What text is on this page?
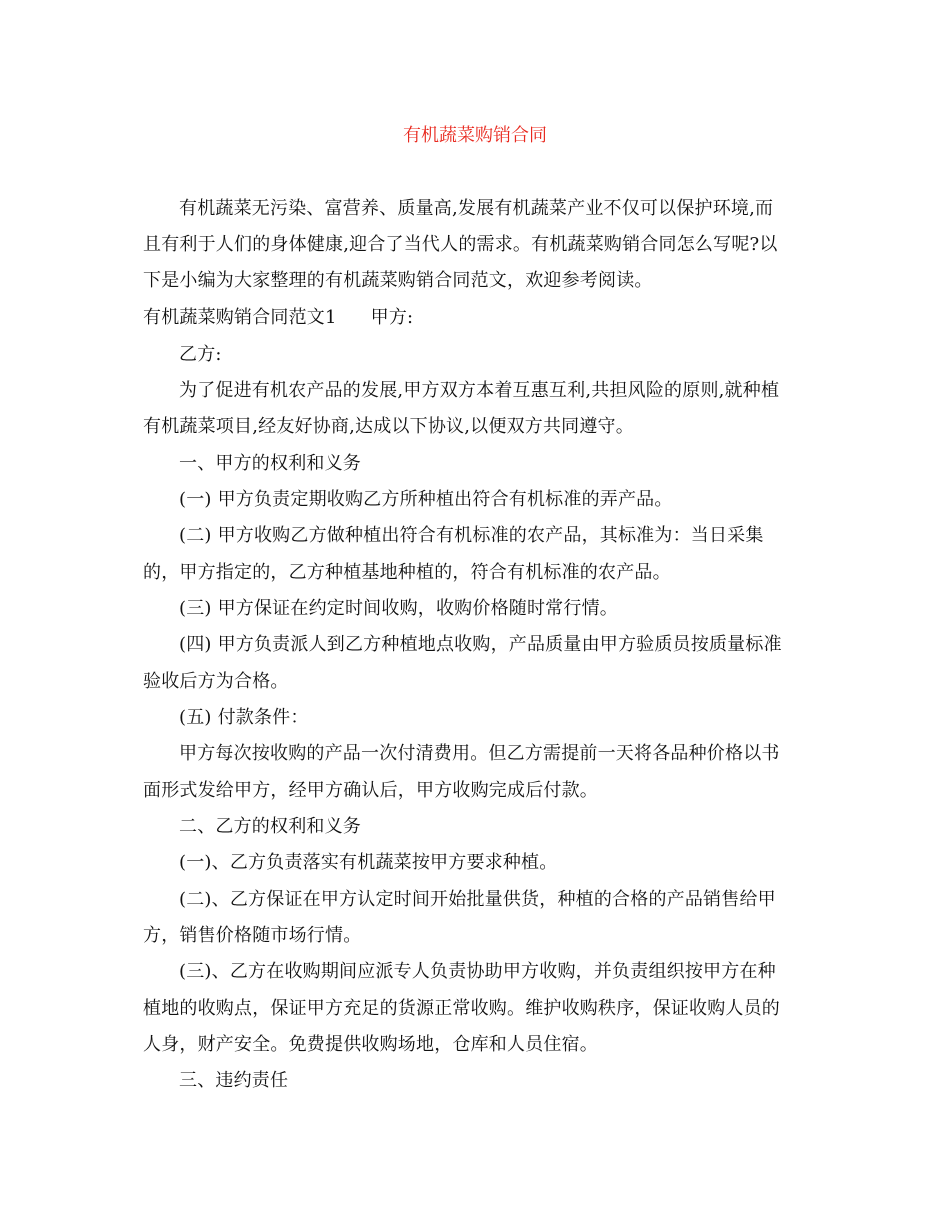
有机蔬菜购销合同
有机蔬菜无污染、富营养、质量高,发展有机蔬菜产业不仅可以保护环境,而
且有利于人们的身体健康,迎合了当代人的需求。有机蔬菜购销合同怎么写呢?以
下是小编为大家整理的有机蔬菜购销合同范文，欢迎参考阅读。
有机蔬菜购销合同范文1 甲方:
乙方:
为了促进有机农产品的发展,甲方双方本着互惠互利,共担风险的原则,就种植
有机蔬菜项目,经友好协商,达成以下协议,以便双方共同遵守。
一、甲方的权利和义务
(一) 甲方负责定期收购乙方所种植出符合有机标准的弄产品。
(二) 甲方收购乙方做种植出符合有机标准的农产品，其标准为：当日采集
的，甲方指定的，乙方种植基地种植的，符合有机标准的农产品。
(三) 甲方保证在约定时间收购，收购价格随时常行情。
(四) 甲方负责派人到乙方种植地点收购，产品质量由甲方验质员按质量标准
验收后方为合格。
(五) 付款条件：
甲方每次按收购的产品一次付清费用。但乙方需提前一天将各品种价格以书
面形式发给甲方，经甲方确认后，甲方收购完成后付款。
二、乙方的权利和义务
(一)、乙方负责落实有机蔬菜按甲方要求种植。
(二)、乙方保证在甲方认定时间开始批量供货，种植的合格的产品销售给甲
方，销售价格随市场行情。
(三)、乙方在收购期间应派专人负责协助甲方收购，并负责组织按甲方在种
植地的收购点，保证甲方充足的货源正常收购。维护收购秩序，保证收购人员的
人身，财产安全。免费提供收购场地，仓库和人员住宿。
三、违约责任
